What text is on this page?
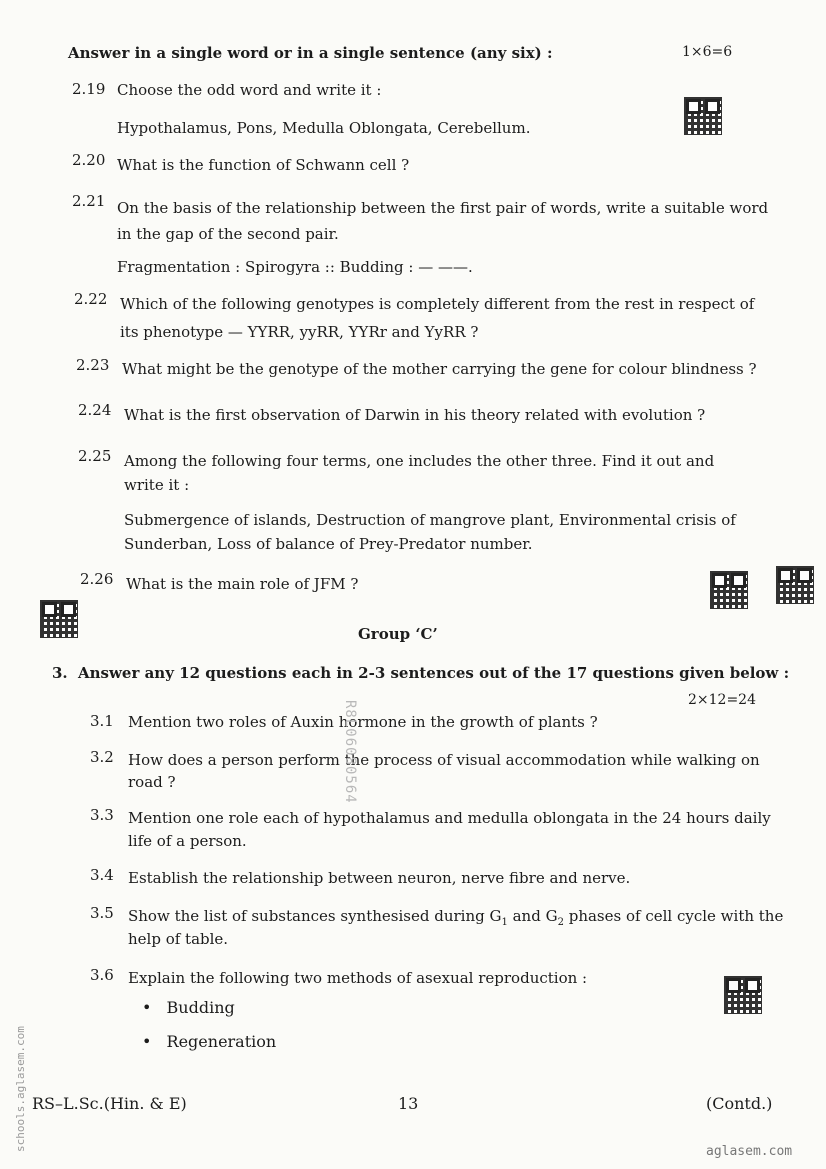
Answer in a single word or in a single sentence (any six) :	1×6=6
2.19 Choose the odd word and write it :
Hypothalamus, Pons, Medulla Oblongata, Cerebellum.
2.20 What is the function of Schwann cell ?
2.21 On the basis of the relationship between the first pair of words, write a suitable word
in the gap of the second pair.
Fragmentation : Spirogyra :: Budding : — ——.
2.22 Which of the following genotypes is completely different from the rest in respect of
its phenotype — YYRR, yyRR, YYRr and YyRR ?
2.23 What might be the genotype of the mother carrying the gene for colour blindness ?
2.24 What is the first observation of Darwin in his theory related with evolution ?
2.25 Among the following four terms, one includes the other three. Find it out and
write it :
Submergence of islands, Destruction of mangrove plant, Environmental crisis of
Sunderban, Loss of balance of Prey-Predator number.
2.26 What is the main role of JFM ?
Group ‘C’
3. Answer any 12 questions each in 2-3 sentences out of the 17 questions given below :
2×12=24
3.1 Mention two roles of Auxin hormone in the growth of plants ?
3.2 How does a person perform the process of visual accommodation while walking on
road ?
3.3 Mention one role each of hypothalamus and medulla oblongata in the 24 hours daily
life of a person.
3.4 Establish the relationship between neuron, nerve fibre and nerve.
3.5 Show the list of substances synthesised during $G_1$ and $G_2$ phases of cell cycle with the
help of table.
3.6 Explain the following two methods of asexual reproduction :
• Budding
• Regeneration
RS–L.Sc.(Hin. & E)	13	(Contd.)
schools.aglasem.com	aglasem.com
R8L06080564
